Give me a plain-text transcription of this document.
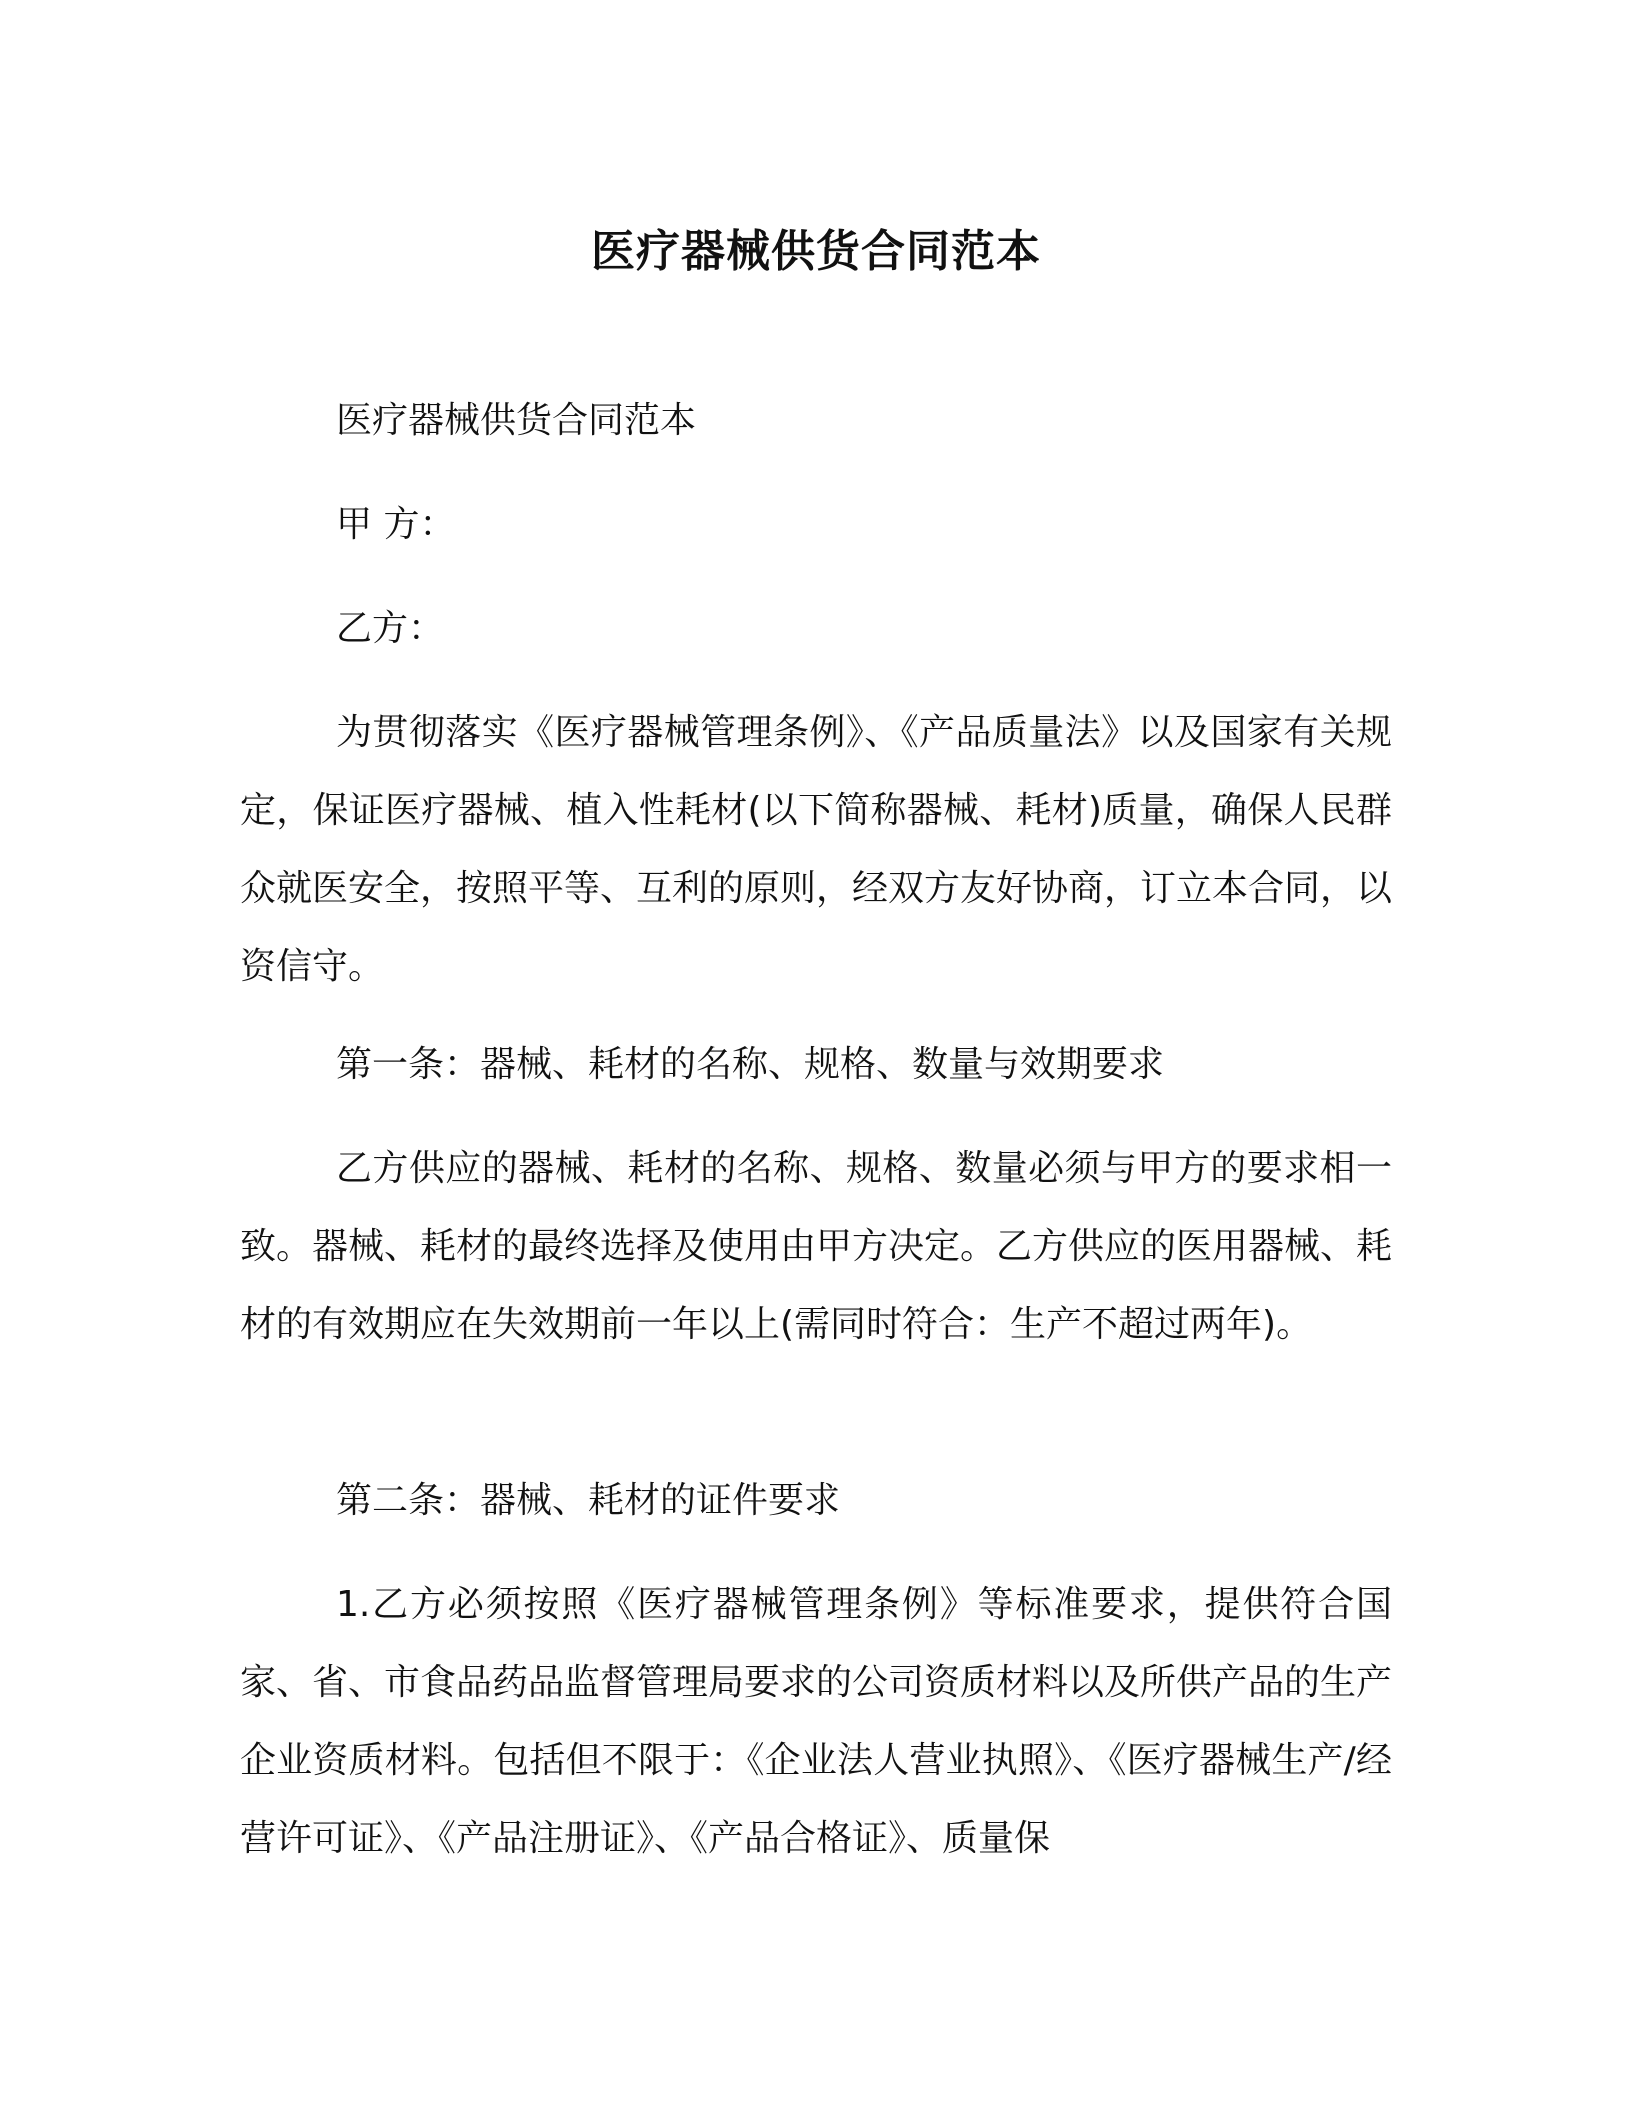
医疗器械供货合同范本

医疗器械供货合同范本

甲 方：

乙方：

为贯彻落实《医疗器械管理条例》、《产品质量法》以及国家有关规定，保证医疗器械、植入性耗材(以下简称器械、耗材)质量，确保人民群众就医安全，按照平等、互利的原则，经双方友好协商，订立本合同，以资信守。

第一条：器械、耗材的名称、规格、数量与效期要求

乙方供应的器械、耗材的名称、规格、数量必须与甲方的要求相一致。器械、耗材的最终选择及使用由甲方决定。乙方供应的医用器械、耗材的有效期应在失效期前一年以上(需同时符合：生产不超过两年)。

第二条：器械、耗材的证件要求

1.乙方必须按照《医疗器械管理条例》等标准要求，提供符合国家、省、市食品药品监督管理局要求的公司资质材料以及所供产品的生产企业资质材料。包括但不限于：《企业法人营业执照》、《医疗器械生产/经营许可证》、《产品注册证》、《产品合格证》、质量保
